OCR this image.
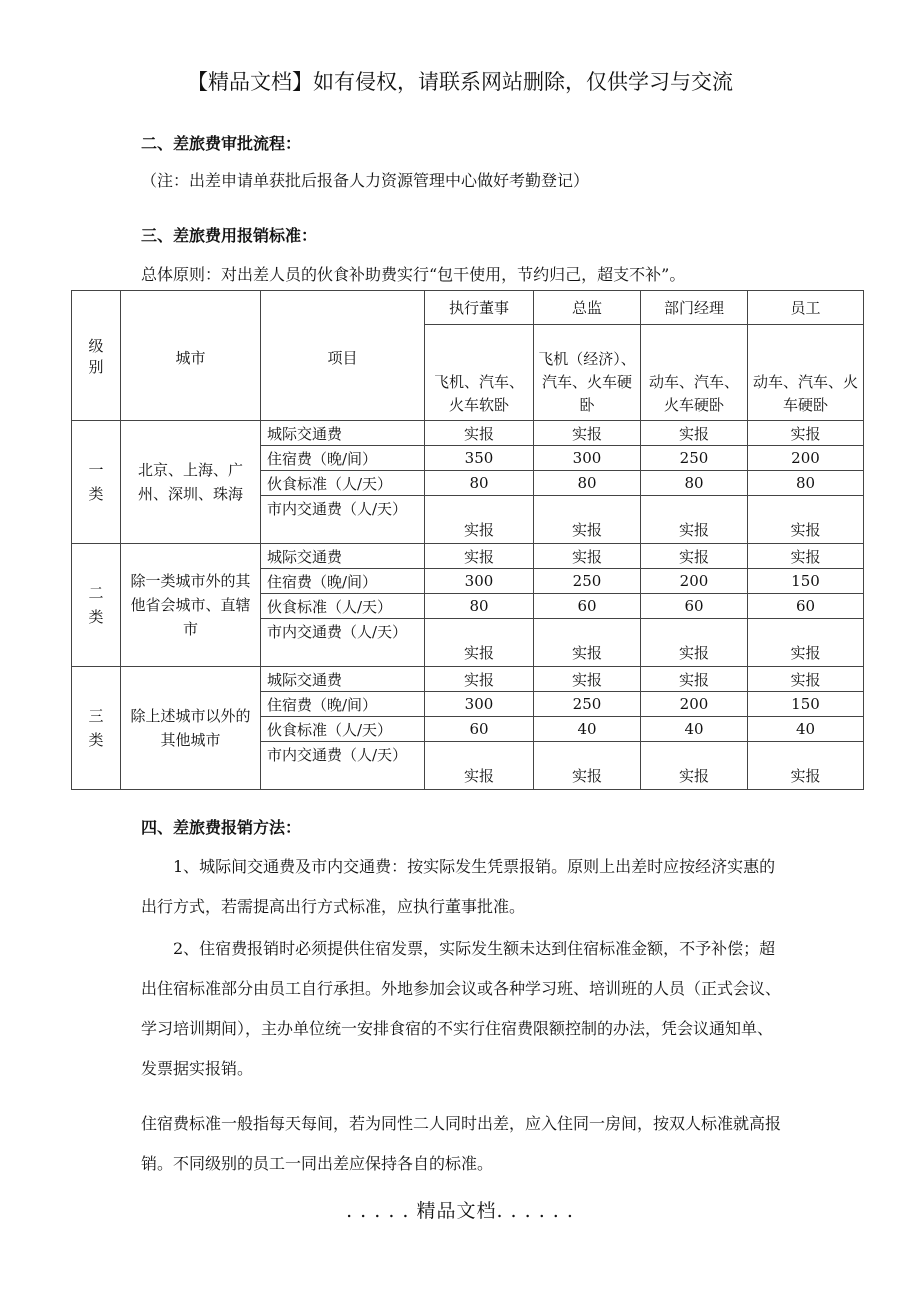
【精品文档】如有侵权，请联系网站删除，仅供学习与交流
二、差旅费审批流程：
（注：出差申请单获批后报备人力资源管理中心做好考勤登记）
三、差旅费用报销标准：
总体原则：对出差人员的伙食补助费实行“包干使用，节约归己，超支不补”。
级别	城市	项目	执行董事	总监	部门经理	员工
			飞机、汽车、火车软卧	飞机（经济）、汽车、火车硬卧	动车、汽车、火车硬卧	动车、汽车、火车硬卧
一类	北京、上海、广州、深圳、珠海	城际交通费	实报	实报	实报	实报
		住宿费（晚/间）	350	300	250	200
		伙食标准（人/天）	80	80	80	80
		市内交通费（人/天）	实报	实报	实报	实报
二类	除一类城市外的其他省会城市、直辖市	城际交通费	实报	实报	实报	实报
		住宿费（晚/间）	300	250	200	150
		伙食标准（人/天）	80	60	60	60
		市内交通费（人/天）	实报	实报	实报	实报
三类	除上述城市以外的其他城市	城际交通费	实报	实报	实报	实报
		住宿费（晚/间）	300	250	200	150
		伙食标准（人/天）	60	40	40	40
		市内交通费（人/天）	实报	实报	实报	实报
四、差旅费报销方法：
1、城际间交通费及市内交通费：按实际发生凭票报销。原则上出差时应按经济实惠的出行方式，若需提高出行方式标准，应执行董事批准。
2、住宿费报销时必须提供住宿发票，实际发生额未达到住宿标准金额，不予补偿；超出住宿标准部分由员工自行承担。外地参加会议或各种学习班、培训班的人员（正式会议、学习培训期间），主办单位统一安排食宿的不实行住宿费限额控制的办法，凭会议通知单、发票据实报销。
住宿费标准一般指每天每间，若为同性二人同时出差，应入住同一房间，按双人标准就高报销。不同级别的员工一同出差应保持各自的标准。
. . . . . 精品文档. . . . . .
